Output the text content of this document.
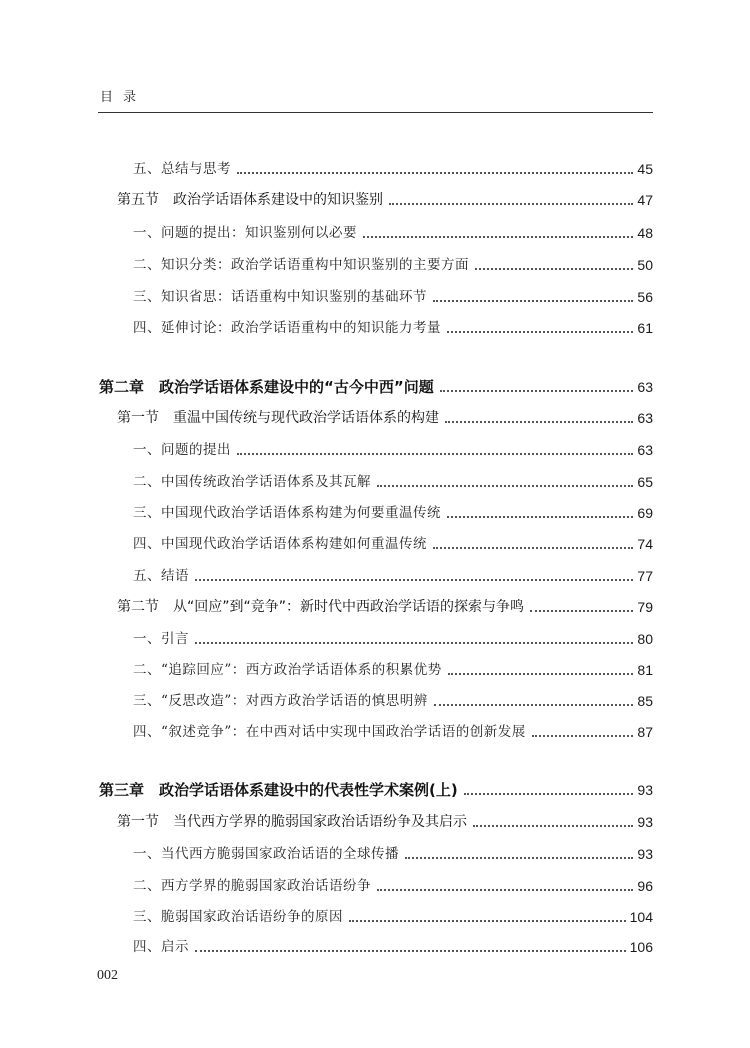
目录
五、总结与思考	45
第五节　政治学话语体系建设中的知识鉴别	47
一、问题的提出：知识鉴别何以必要	48
二、知识分类：政治学话语重构中知识鉴别的主要方面	50
三、知识省思：话语重构中知识鉴别的基础环节	56
四、延伸讨论：政治学话语重构中的知识能力考量	61
第二章　政治学话语体系建设中的“古今中西”问题	63
第一节　重温中国传统与现代政治学话语体系的构建	63
一、问题的提出	63
二、中国传统政治学话语体系及其瓦解	65
三、中国现代政治学话语体系构建为何要重温传统	69
四、中国现代政治学话语体系构建如何重温传统	74
五、结语	77
第二节　从“回应”到“竞争”：新时代中西政治学话语的探索与争鸣	79
一、引言	80
二、“追踪回应”：西方政治学话语体系的积累优势	81
三、“反思改造”：对西方政治学话语的慎思明辨	85
四、“叙述竞争”：在中西对话中实现中国政治学话语的创新发展	87
第三章　政治学话语体系建设中的代表性学术案例(上)	93
第一节　当代西方学界的脆弱国家政治话语纷争及其启示	93
一、当代西方脆弱国家政治话语的全球传播	93
二、西方学界的脆弱国家政治话语纷争	96
三、脆弱国家政治话语纷争的原因	104
四、启示	106
002
